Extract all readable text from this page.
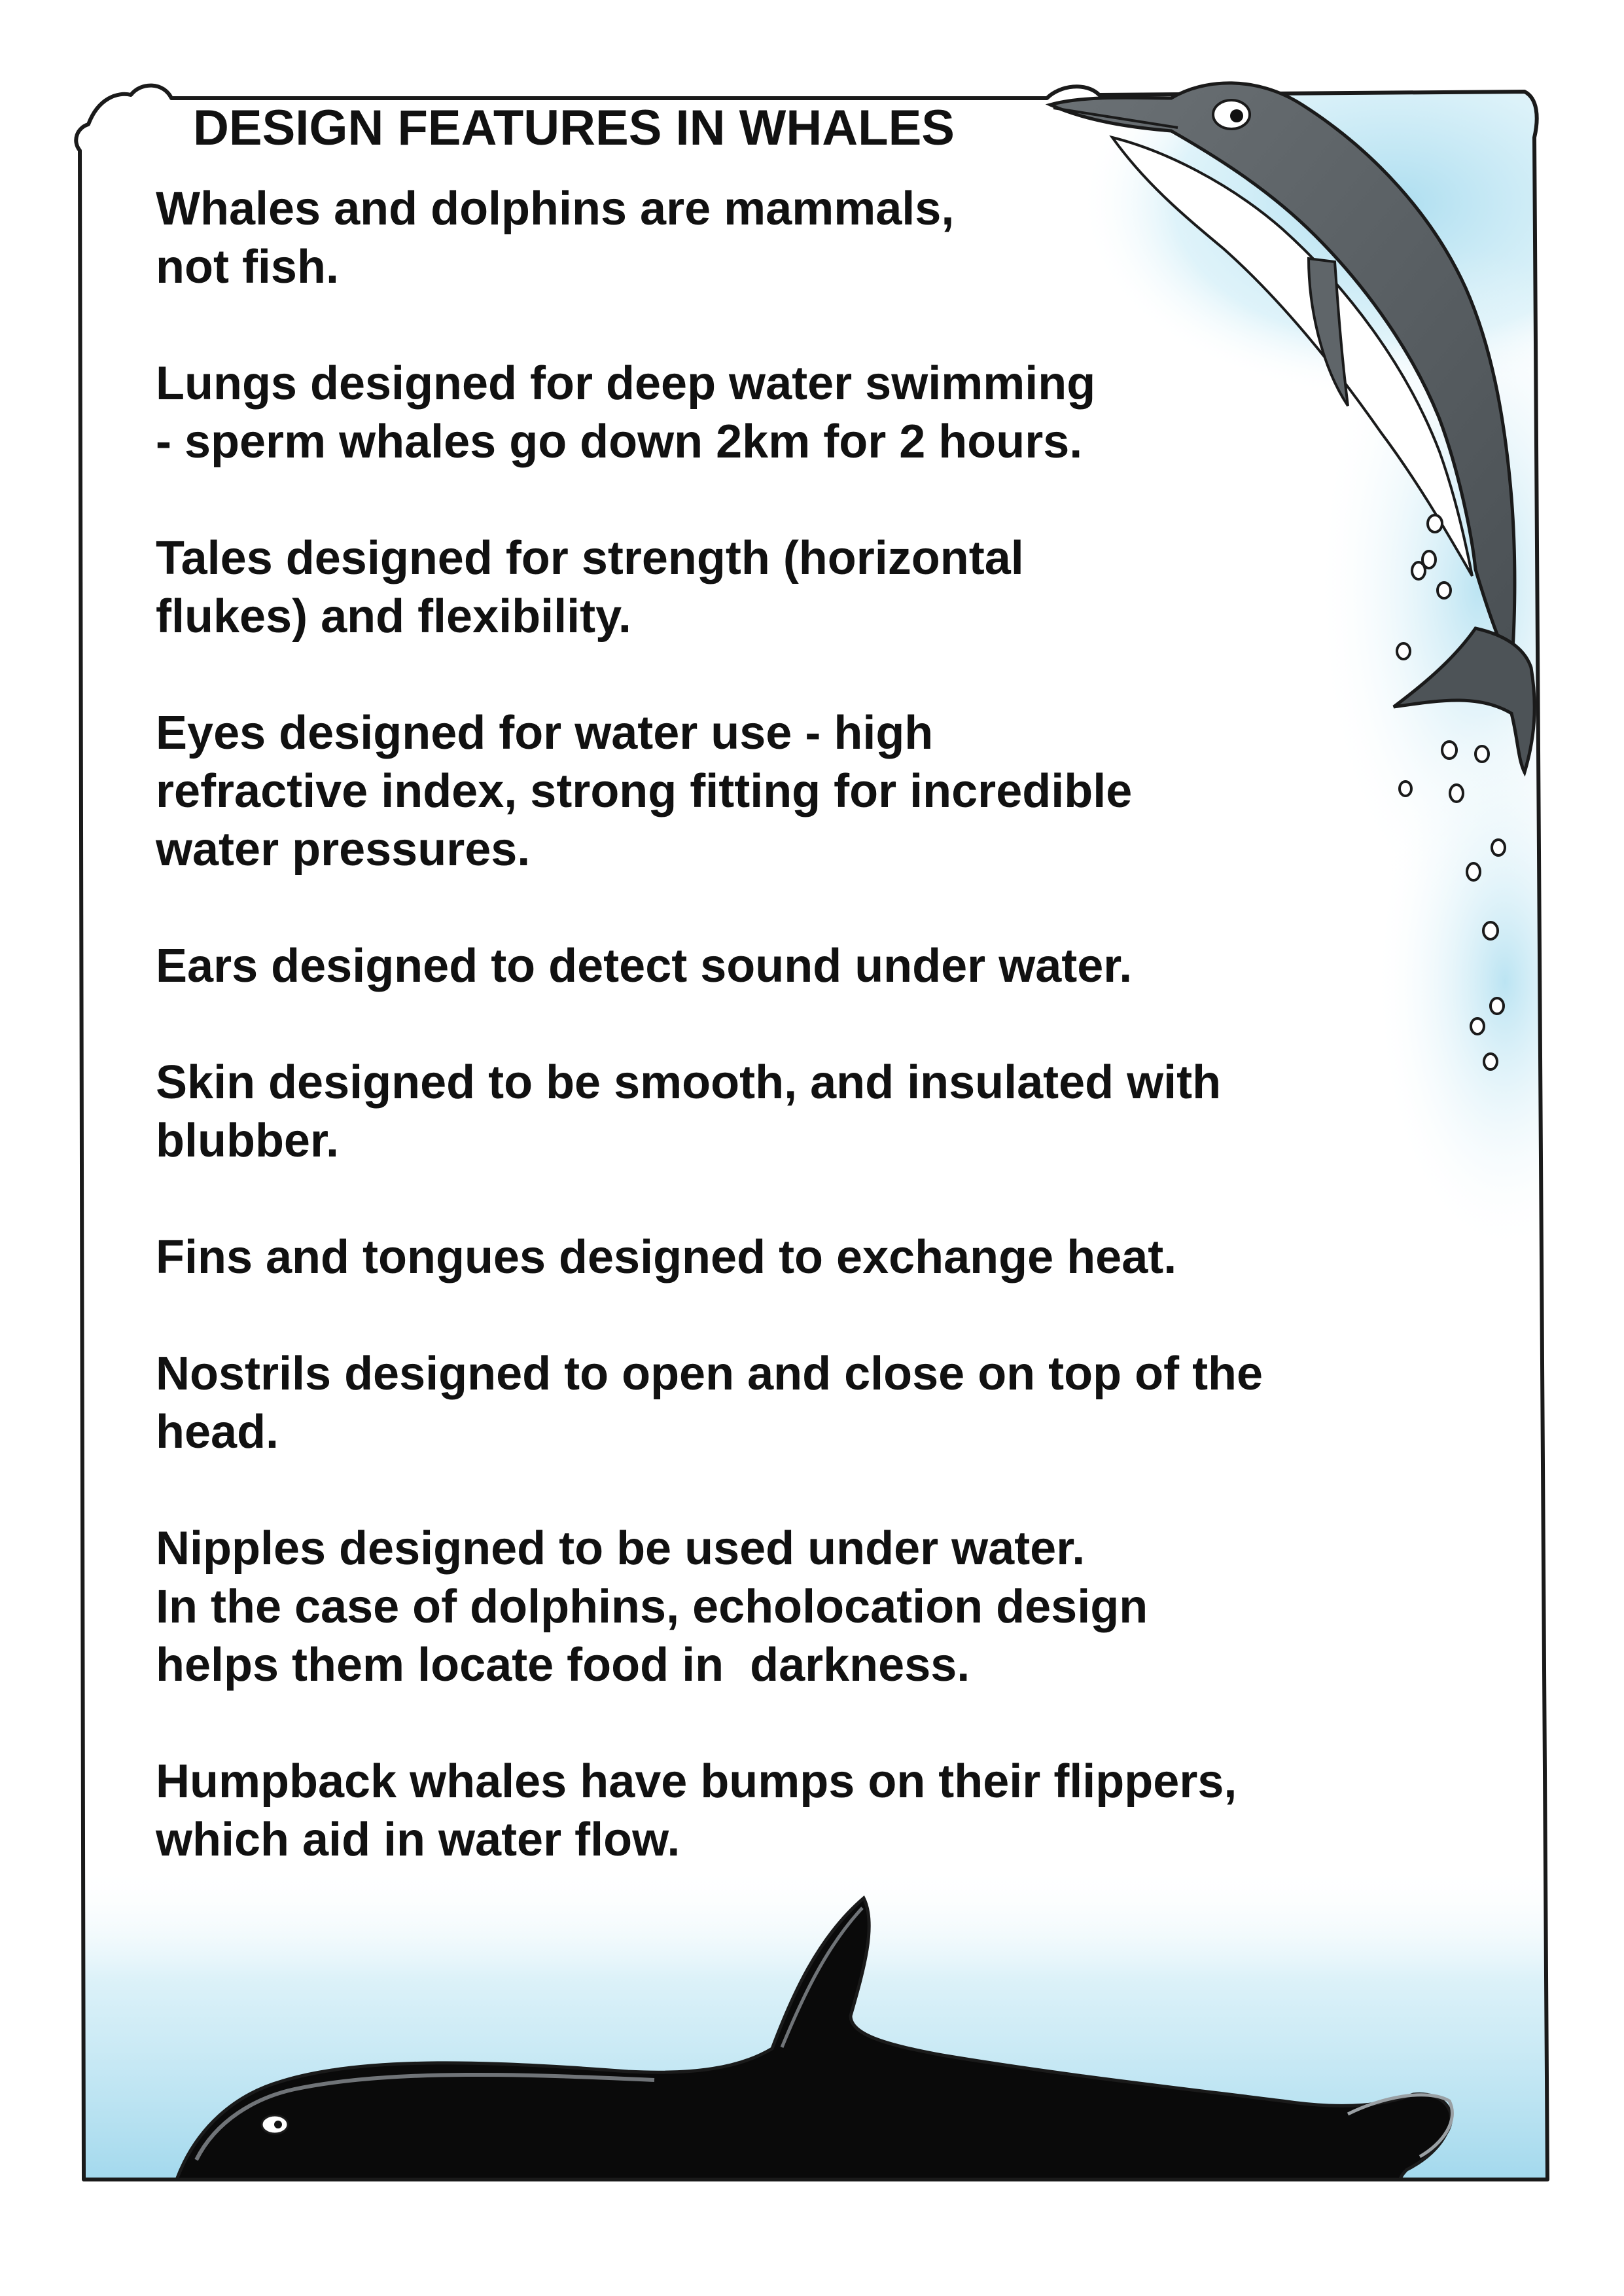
DESIGN FEATURES IN WHALES

Whales and dolphins are mammals,
not fish.

Lungs designed for deep water swimming
- sperm whales go down 2km for 2 hours.

Tales designed for strength (horizontal
flukes) and flexibility.

Eyes designed for water use - high
refractive index, strong fitting for incredible
water pressures.

Ears designed to detect sound under water.

Skin designed to be smooth, and insulated with
blubber.

Fins and tongues designed to exchange heat.

Nostrils designed to open and close on top of the
head.

Nipples designed to be used under water.
In the case of dolphins, echolocation design
helps them locate food in  darkness.

Humpback whales have bumps on their flippers,
which aid in water flow.
